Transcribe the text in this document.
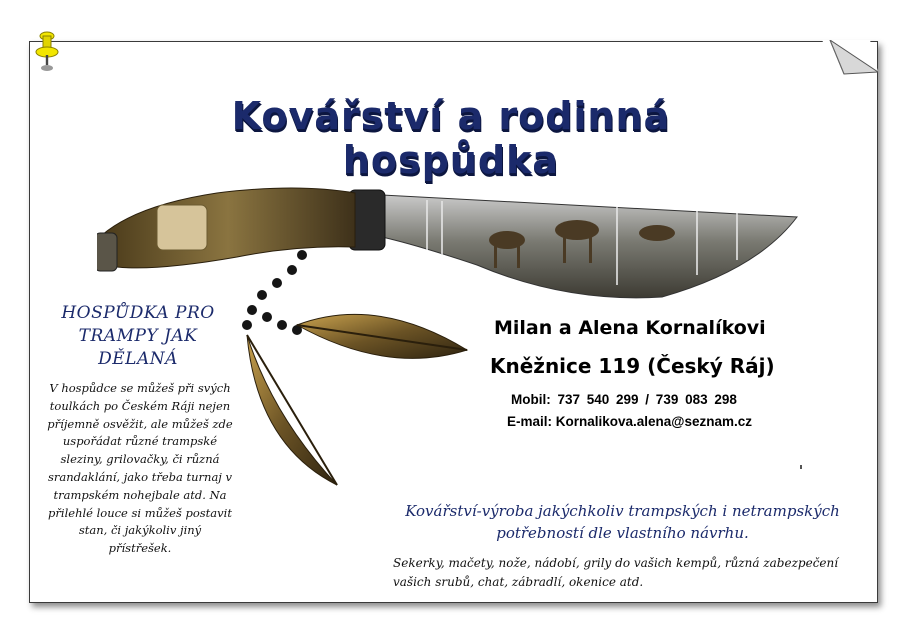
Kovářství a rodinná hospůdka
HOSPŮDKA PRO TRAMPY JAK DĚLANÁ
V hospůdce se můžeš při svých toulkách po Českém Ráji nejen příjemně osvěžit, ale můžeš zde uspořádat různé trampské sleziny, grilovačky, či různá srandaklání, jako třeba turnaj v trampském nohejbale atd. Na přilehlé louce si můžeš postavit stan, či jakýkoliv jiný přístřešek.
Milan a Alena Kornalíkovi
Kněžnice 119 (Český Ráj)
Mobil: 737 540 299 / 739 083 298
E-mail: Kornalikova.alena@seznam.cz
Kovářství-výroba jakýchkoliv trampských i netrampských potřebností dle vlastního návrhu.
Sekerky, mačety, nože, nádobí, grily do vašich kempů, různá zabezpečení vašich srubů, chat, zábradlí, okenice atd.
